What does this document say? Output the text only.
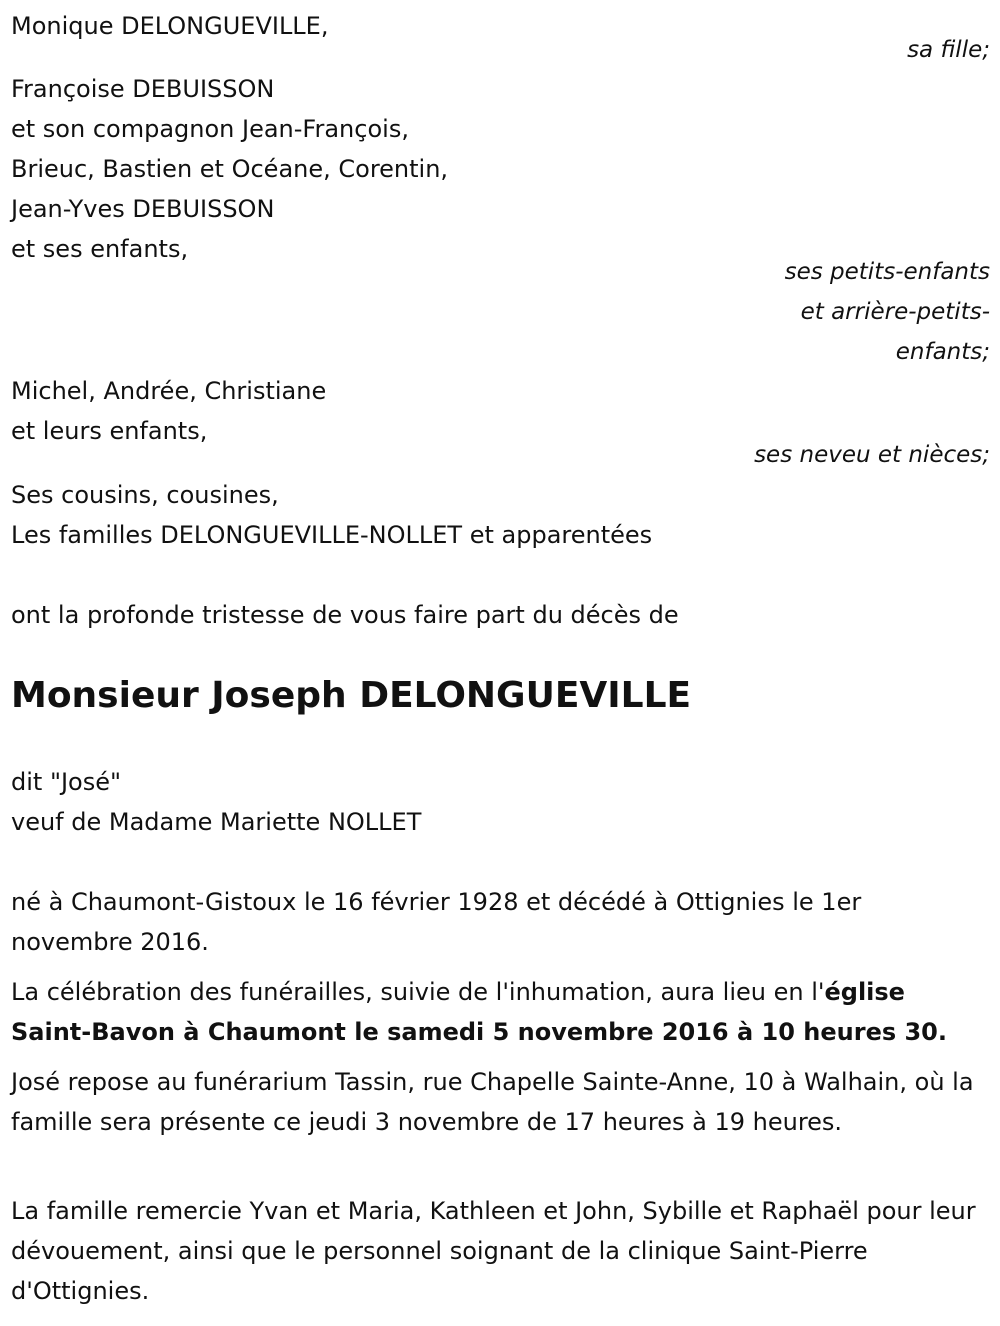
Monique DELONGUEVILLE,
sa fille;
Françoise DEBUISSON
et son compagnon Jean-François,
Brieuc, Bastien et Océane, Corentin,
Jean-Yves DEBUISSON
et ses enfants,
ses petits-enfants
et arrière-petits-
enfants;
Michel, Andrée, Christiane
et leurs enfants,
ses neveu et nièces;
Ses cousins, cousines,
Les familles DELONGUEVILLE-NOLLET et apparentées
ont la profonde tristesse de vous faire part du décès de
Monsieur Joseph DELONGUEVILLE
dit "José"
veuf de Madame Mariette NOLLET
né à Chaumont-Gistoux le 16 février 1928 et décédé à Ottignies le 1er novembre 2016.
La célébration des funérailles, suivie de l'inhumation, aura lieu en l'église Saint-Bavon à Chaumont le samedi 5 novembre 2016 à 10 heures 30.
José repose au funérarium Tassin, rue Chapelle Sainte-Anne, 10 à Walhain, où la famille sera présente ce jeudi 3 novembre de 17 heures à 19 heures.
La famille remercie Yvan et Maria, Kathleen et John, Sybille et Raphaël pour leur dévouement, ainsi que le personnel soignant de la clinique Saint-Pierre d'Ottignies.
